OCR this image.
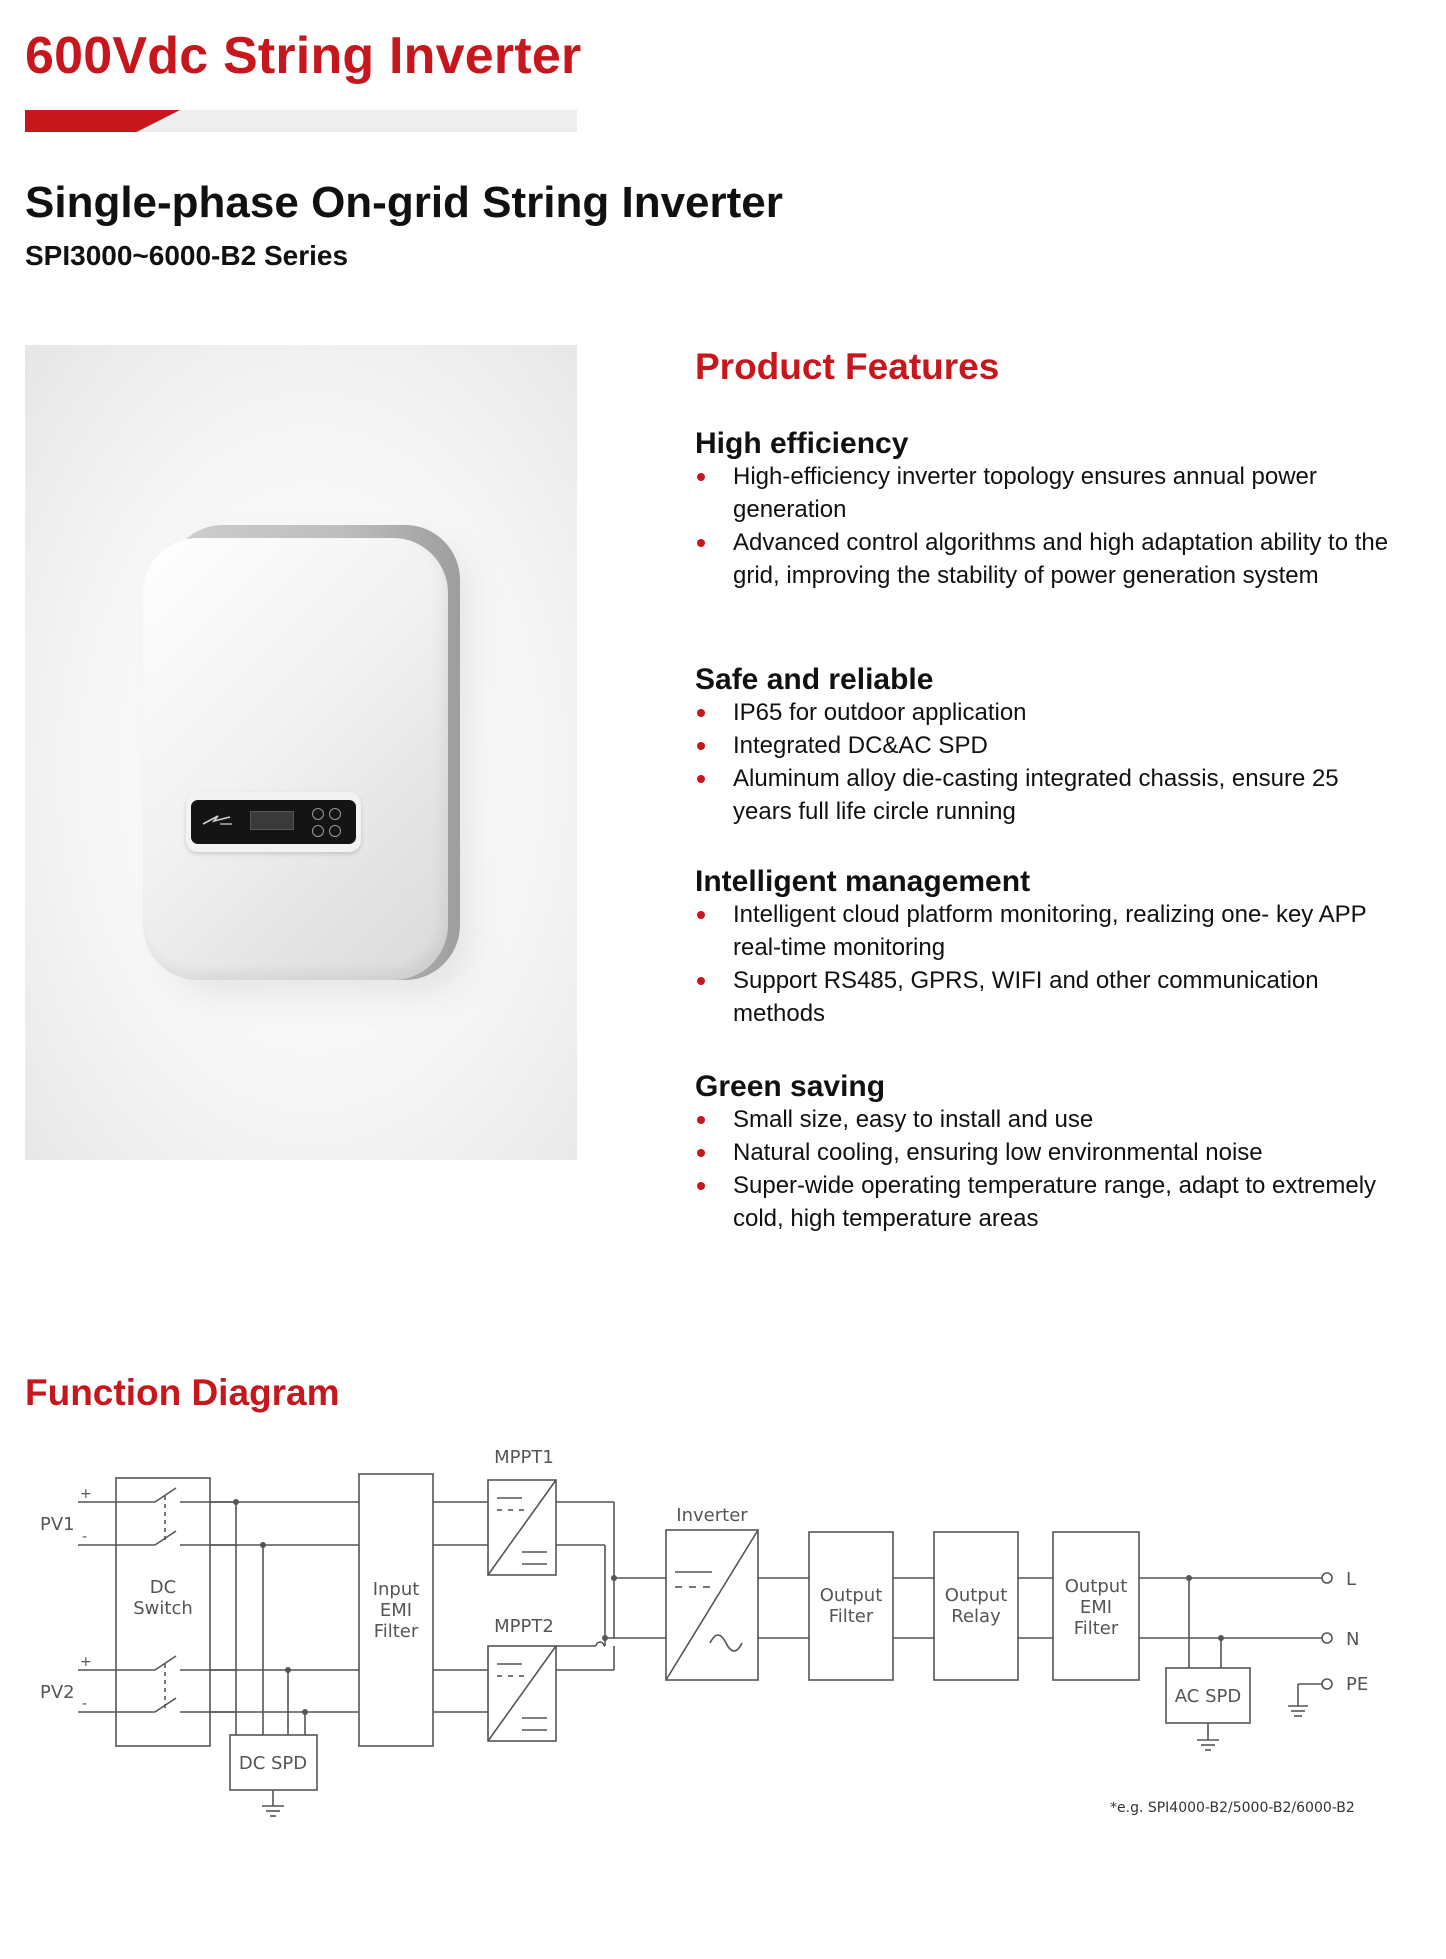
600Vdc String Inverter
Single-phase On-grid String Inverter
SPI3000~6000-B2 Series
Product Features
High efficiency
High-efficiency inverter topology ensures annual power generation
Advanced control algorithms and high adaptation ability to the grid, improving the stability of power generation system
Safe and reliable
IP65 for outdoor application
Integrated DC&AC SPD
Aluminum alloy die-casting integrated chassis, ensure 25 years full life circle running
Intelligent management
Intelligent cloud platform monitoring, realizing one- key APP real-time monitoring
Support RS485, GPRS, WIFI and other communication methods
Green saving
Small size, easy to install and use
Natural cooling, ensuring low environmental noise
Super-wide operating temperature range, adapt to extremely cold, high temperature areas
Function Diagram
PV1
+
-
PV2
+
-
DC
Switch
DC SPD
Input
EMI
Filter
MPPT1
MPPT2
Inverter
Output
Filter
Output
Relay
Output
EMI
Filter
AC SPD
L
N
PE
*e.g. SPI4000-B2/5000-B2/6000-B2
